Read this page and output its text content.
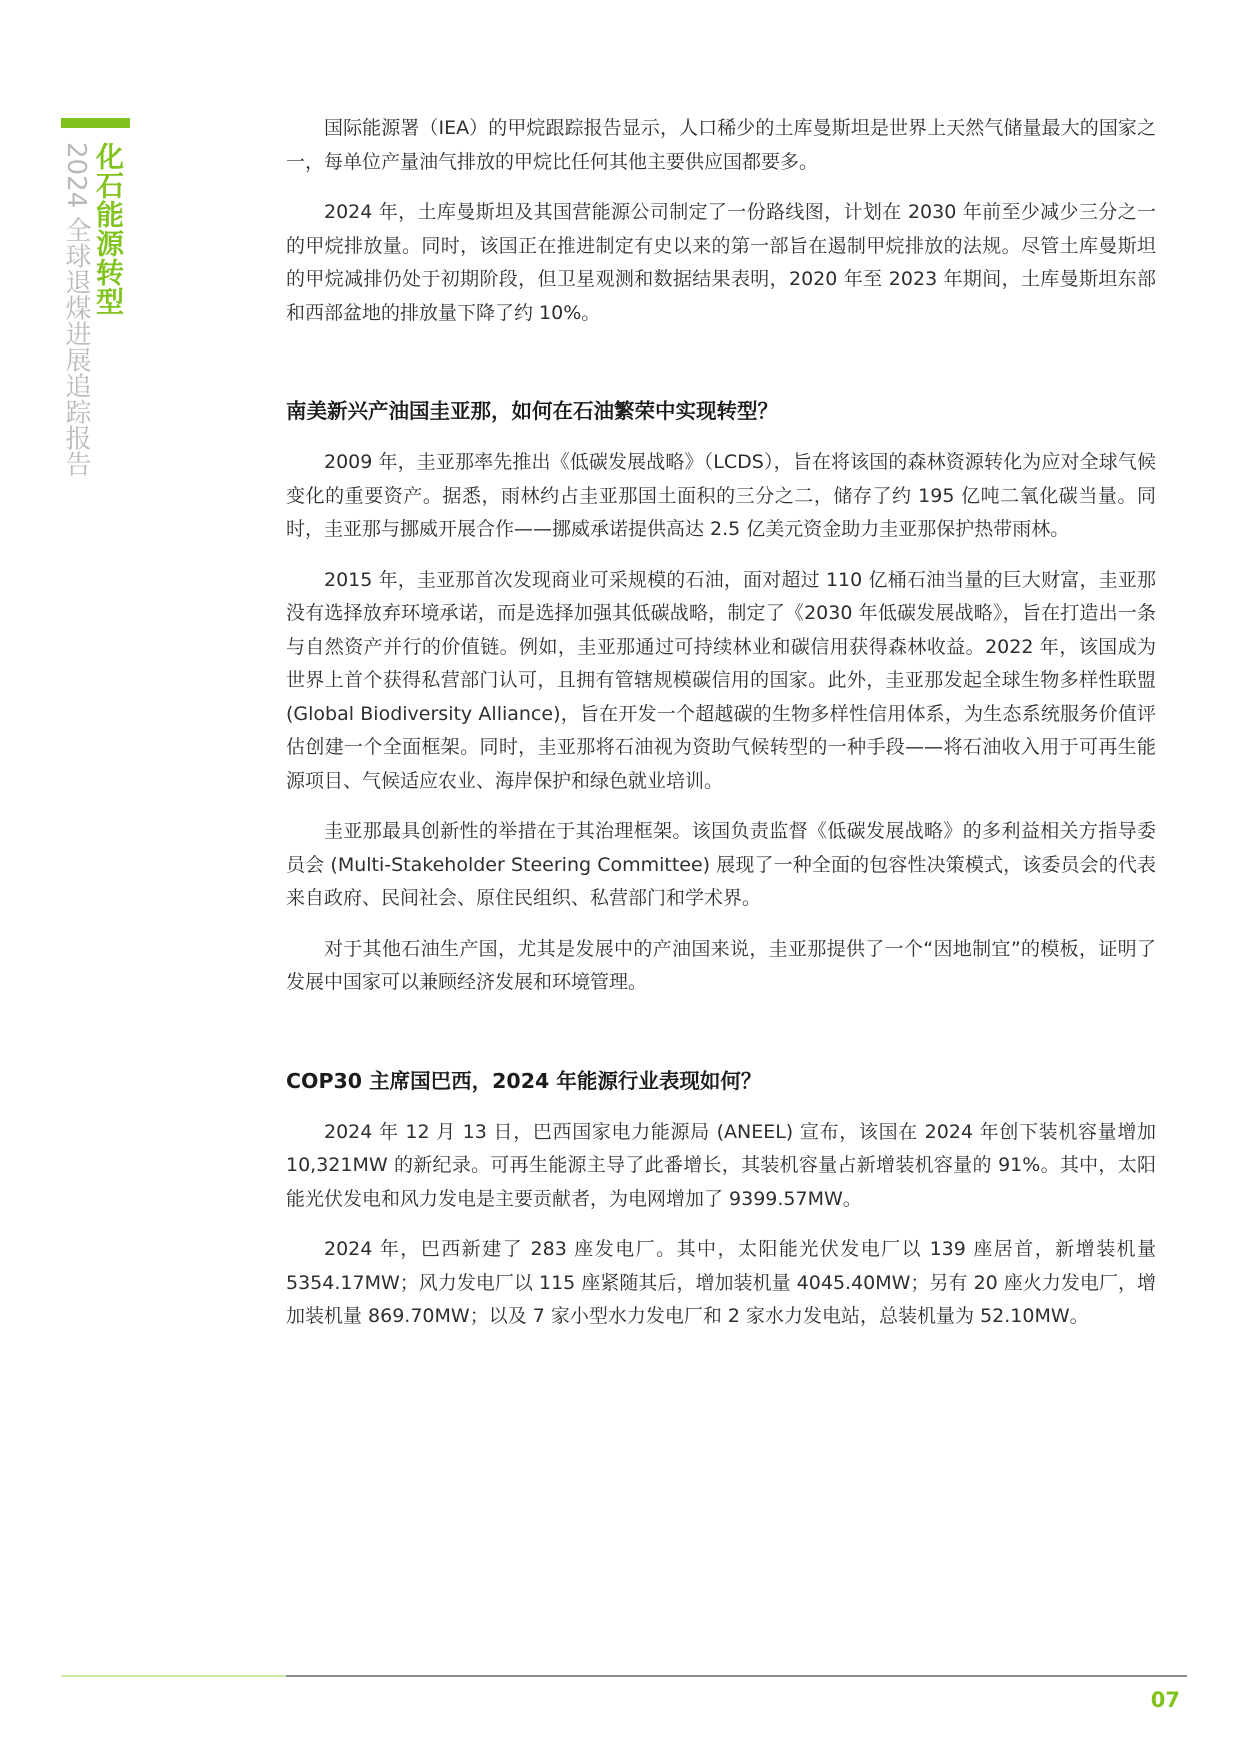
化石能源转型
2024 全球退煤进展追踪报告

国际能源署（IEA）的甲烷跟踪报告显示，人口稀少的土库曼斯坦是世界上天然气储量最大的国家之一，每单位产量油气排放的甲烷比任何其他主要供应国都要多。

2024 年，土库曼斯坦及其国营能源公司制定了一份路线图，计划在 2030 年前至少减少三分之一的甲烷排放量。同时，该国正在推进制定有史以来的第一部旨在遏制甲烷排放的法规。尽管土库曼斯坦的甲烷减排仍处于初期阶段，但卫星观测和数据结果表明，2020 年至 2023 年期间，土库曼斯坦东部和西部盆地的排放量下降了约 10%。

南美新兴产油国圭亚那，如何在石油繁荣中实现转型？

2009 年，圭亚那率先推出《低碳发展战略》（LCDS），旨在将该国的森林资源转化为应对全球气候变化的重要资产。据悉，雨林约占圭亚那国土面积的三分之二，储存了约 195 亿吨二氧化碳当量。同时，圭亚那与挪威开展合作——挪威承诺提供高达 2.5 亿美元资金助力圭亚那保护热带雨林。

2015 年，圭亚那首次发现商业可采规模的石油，面对超过 110 亿桶石油当量的巨大财富，圭亚那没有选择放弃环境承诺，而是选择加强其低碳战略，制定了《2030 年低碳发展战略》，旨在打造出一条与自然资产并行的价值链。例如，圭亚那通过可持续林业和碳信用获得森林收益。2022 年，该国成为世界上首个获得私营部门认可，且拥有管辖规模碳信用的国家。此外，圭亚那发起全球生物多样性联盟 (Global Biodiversity Alliance)，旨在开发一个超越碳的生物多样性信用体系，为生态系统服务价值评估创建一个全面框架。同时，圭亚那将石油视为资助气候转型的一种手段——将石油收入用于可再生能源项目、气候适应农业、海岸保护和绿色就业培训。

圭亚那最具创新性的举措在于其治理框架。该国负责监督《低碳发展战略》的多利益相关方指导委员会 (Multi-Stakeholder Steering Committee) 展现了一种全面的包容性决策模式，该委员会的代表来自政府、民间社会、原住民组织、私营部门和学术界。

对于其他石油生产国，尤其是发展中的产油国来说，圭亚那提供了一个“因地制宜”的模板，证明了发展中国家可以兼顾经济发展和环境管理。

COP30 主席国巴西，2024 年能源行业表现如何？

2024 年 12 月 13 日，巴西国家电力能源局 (ANEEL) 宣布，该国在 2024 年创下装机容量增加 10,321MW 的新纪录。可再生能源主导了此番增长，其装机容量占新增装机容量的 91%。其中，太阳能光伏发电和风力发电是主要贡献者，为电网增加了 9399.57MW。

2024 年，巴西新建了 283 座发电厂。其中，太阳能光伏发电厂以 139 座居首，新增装机量 5354.17MW；风力发电厂以 115 座紧随其后，增加装机量 4045.40MW；另有 20 座火力发电厂，增加装机量 869.70MW；以及 7 家小型水力发电厂和 2 家水力发电站，总装机量为 52.10MW。

07
